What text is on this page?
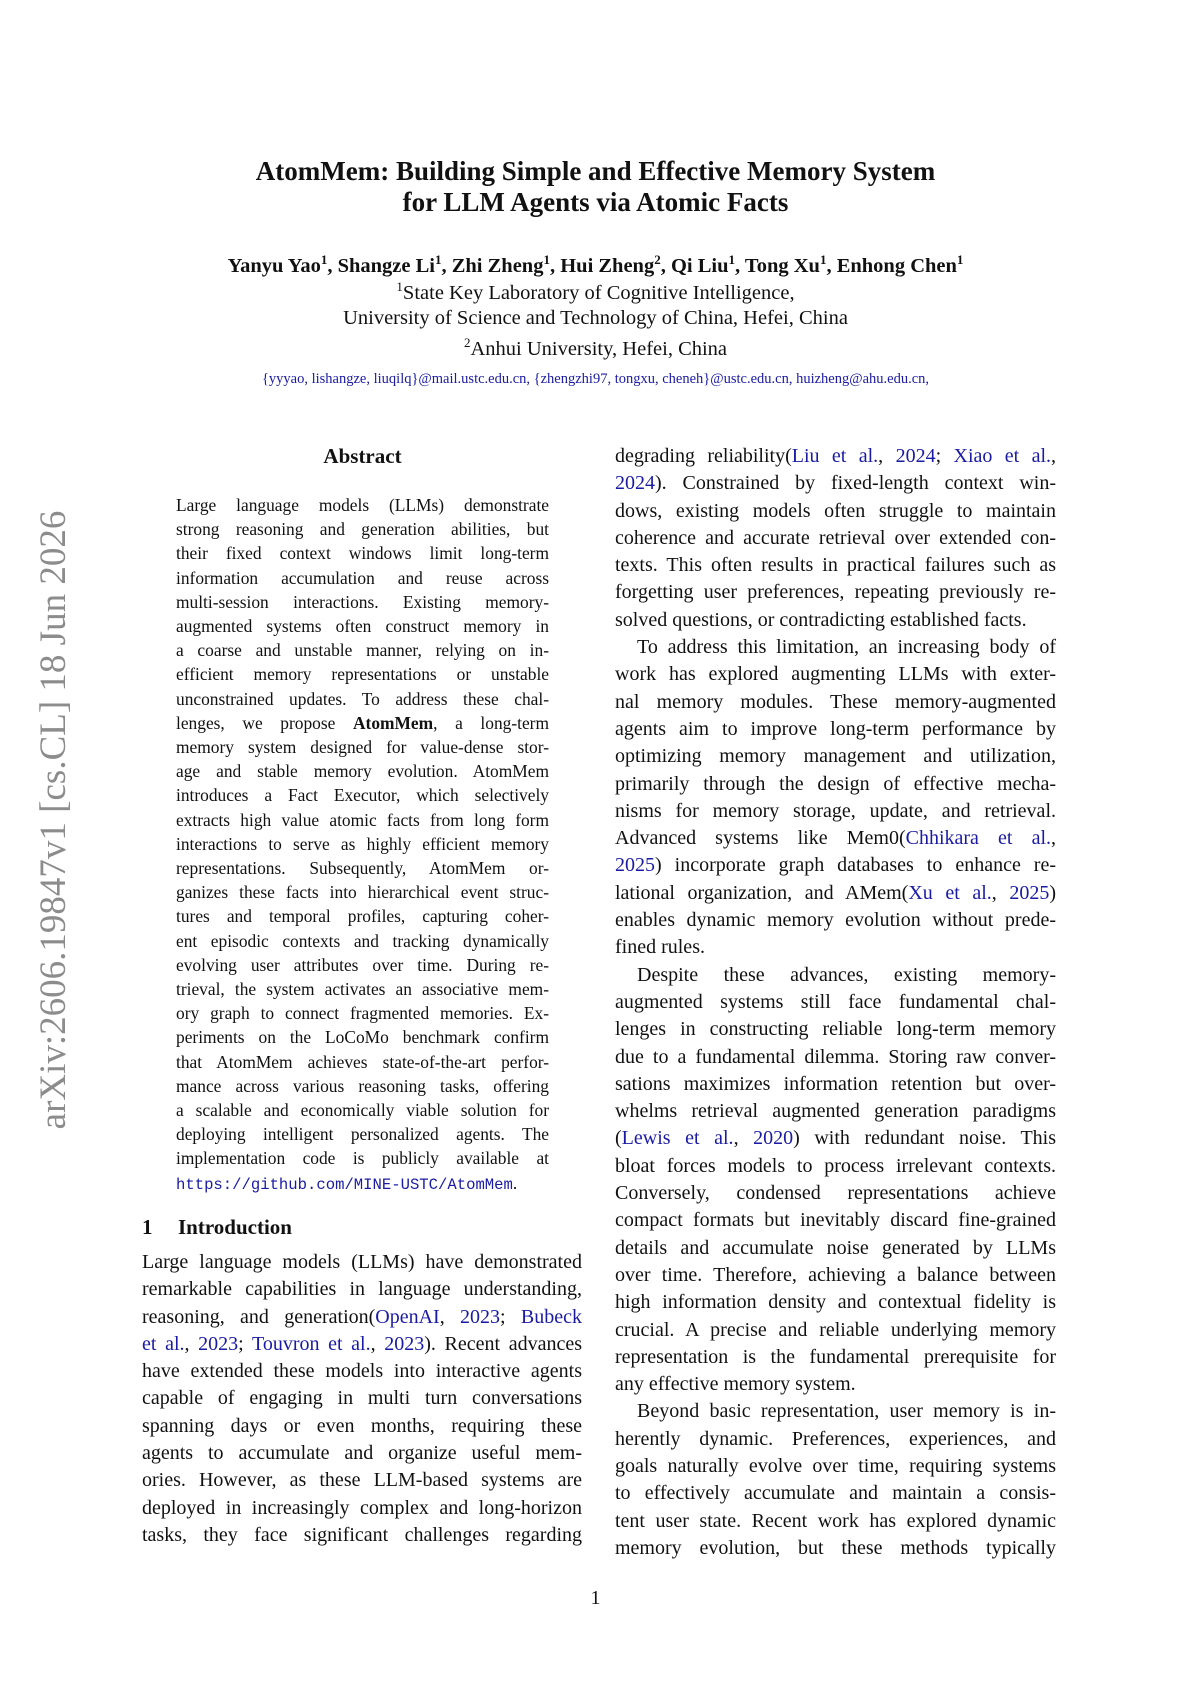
arXiv:2606.19847v1 [cs.CL] 18 Jun 2026
AtomMem: Building Simple and Effective Memory System
for LLM Agents via Atomic Facts
Yanyu Yao$^1$, Shangze Li$^1$, Zhi Zheng$^1$, Hui Zheng$^2$, Qi Liu$^1$, Tong Xu$^1$, Enhong Chen$^1$
$^1$State Key Laboratory of Cognitive Intelligence,
University of Science and Technology of China, Hefei, China
$^2$Anhui University, Hefei, China
{yyyao, lishangze, liuqilq}@mail.ustc.edu.cn, {zhengzhi97, tongxu, cheneh}@ustc.edu.cn, huizheng@ahu.edu.cn,
Abstract
Large language models (LLMs) demonstrate
strong reasoning and generation abilities, but
their fixed context windows limit long-term
information accumulation and reuse across
multi-session interactions. Existing memory-
augmented systems often construct memory in
a coarse and unstable manner, relying on in-
efficient memory representations or unstable
unconstrained updates. To address these chal-
lenges, we propose AtomMem, a long-term
memory system designed for value-dense stor-
age and stable memory evolution. AtomMem
introduces a Fact Executor, which selectively
extracts high value atomic facts from long form
interactions to serve as highly efficient memory
representations. Subsequently, AtomMem or-
ganizes these facts into hierarchical event struc-
tures and temporal profiles, capturing coher-
ent episodic contexts and tracking dynamically
evolving user attributes over time. During re-
trieval, the system activates an associative mem-
ory graph to connect fragmented memories. Ex-
periments on the LoCoMo benchmark confirm
that AtomMem achieves state-of-the-art perfor-
mance across various reasoning tasks, offering
a scalable and economically viable solution for
deploying intelligent personalized agents. The
implementation code is publicly available at
https://github.com/MINE-USTC/AtomMem.
1 Introduction
Large language models (LLMs) have demonstrated
remarkable capabilities in language understanding,
reasoning, and generation(OpenAI, 2023; Bubeck
et al., 2023; Touvron et al., 2023). Recent advances
have extended these models into interactive agents
capable of engaging in multi turn conversations
spanning days or even months, requiring these
agents to accumulate and organize useful mem-
ories. However, as these LLM-based systems are
deployed in increasingly complex and long-horizon
tasks, they face significant challenges regarding
degrading reliability(Liu et al., 2024; Xiao et al.,
2024). Constrained by fixed-length context win-
dows, existing models often struggle to maintain
coherence and accurate retrieval over extended con-
texts. This often results in practical failures such as
forgetting user preferences, repeating previously re-
solved questions, or contradicting established facts.
To address this limitation, an increasing body of
work has explored augmenting LLMs with exter-
nal memory modules. These memory-augmented
agents aim to improve long-term performance by
optimizing memory management and utilization,
primarily through the design of effective mecha-
nisms for memory storage, update, and retrieval.
Advanced systems like Mem0(Chhikara et al.,
2025) incorporate graph databases to enhance re-
lational organization, and AMem(Xu et al., 2025)
enables dynamic memory evolution without prede-
fined rules.
Despite these advances, existing memory-
augmented systems still face fundamental chal-
lenges in constructing reliable long-term memory
due to a fundamental dilemma. Storing raw conver-
sations maximizes information retention but over-
whelms retrieval augmented generation paradigms
(Lewis et al., 2020) with redundant noise. This
bloat forces models to process irrelevant contexts.
Conversely, condensed representations achieve
compact formats but inevitably discard fine-grained
details and accumulate noise generated by LLMs
over time. Therefore, achieving a balance between
high information density and contextual fidelity is
crucial. A precise and reliable underlying memory
representation is the fundamental prerequisite for
any effective memory system.
Beyond basic representation, user memory is in-
herently dynamic. Preferences, experiences, and
goals naturally evolve over time, requiring systems
to effectively accumulate and maintain a consis-
tent user state. Recent work has explored dynamic
memory evolution, but these methods typically
1
